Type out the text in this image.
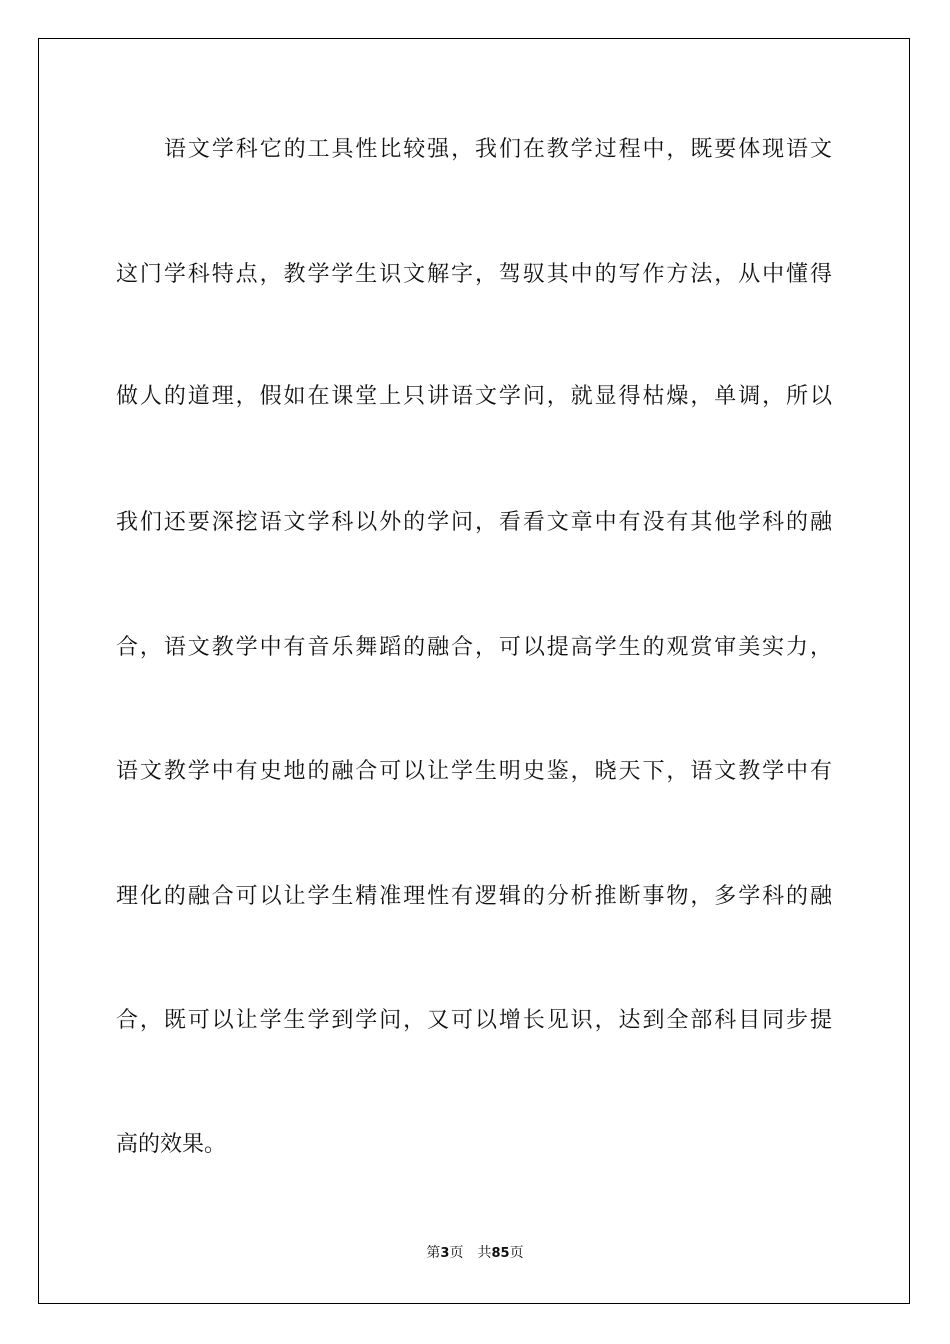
语文学科它的工具性比较强，我们在教学过程中，既要体现语文
这门学科特点，教学学生识文解字，驾驭其中的写作方法，从中懂得
做人的道理，假如在课堂上只讲语文学问，就显得枯燥，单调，所以
我们还要深挖语文学科以外的学问，看看文章中有没有其他学科的融
合，语文教学中有音乐舞蹈的融合，可以提高学生的观赏审美实力，
语文教学中有史地的融合可以让学生明史鉴，晓天下，语文教学中有
理化的融合可以让学生精准理性有逻辑的分析推断事物，多学科的融
合，既可以让学生学到学问，又可以增长见识，达到全部科目同步提
高的效果。
第3页 共85页
